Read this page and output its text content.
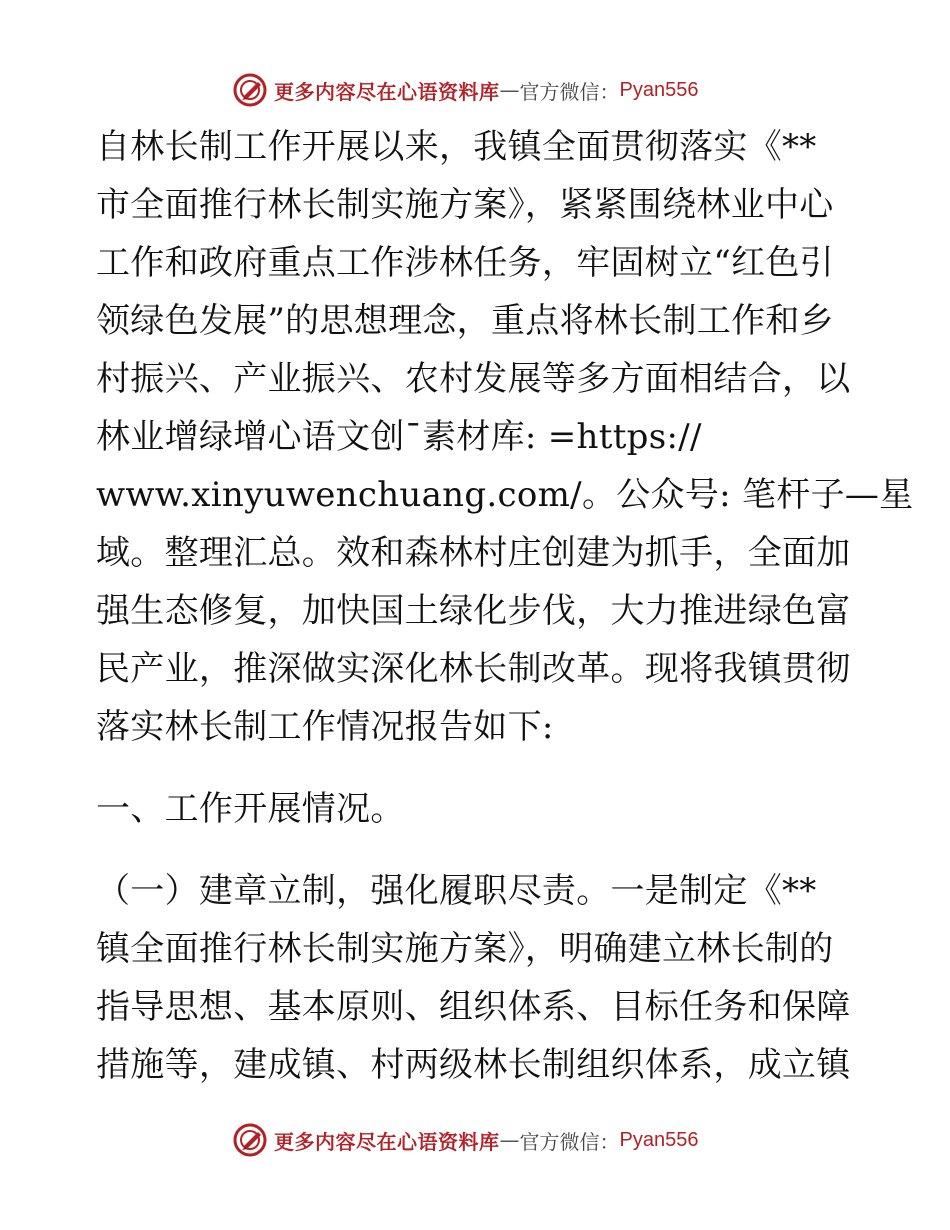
更多内容尽在心语资料库 — 官方微信： Pyan556
自林长制工作开展以来，我镇全面贯彻落实《**
市全面推行林长制实施方案》，紧紧围绕林业中心
工作和政府重点工作涉林任务，牢固树立“红色引
领绿色发展”的思想理念，重点将林长制工作和乡
村振兴、产业振兴、农村发展等多方面相结合，以
林业增绿增心语文创¯素材库: =https://
www.xinyuwenchuang.com/。公众号: 笔杆子—星
域。整理汇总。效和森林村庄创建为抓手，全面加
强生态修复，加快国土绿化步伐，大力推进绿色富
民产业，推深做实深化林长制改革。现将我镇贯彻
落实林长制工作情况报告如下:
一、工作开展情况。
（一）建章立制，强化履职尽责。一是制定《**
镇全面推行林长制实施方案》，明确建立林长制的
指导思想、基本原则、组织体系、目标任务和保障
措施等，建成镇、村两级林长制组织体系，成立镇
更多内容尽在心语资料库 — 官方微信： Pyan556
